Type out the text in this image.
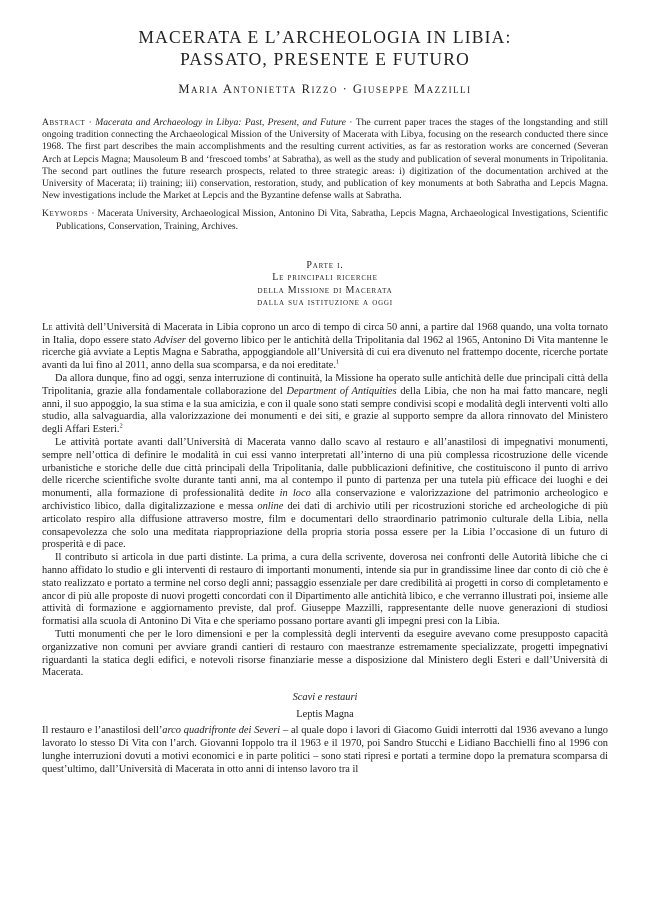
MACERATA E L’ARCHEOLOGIA IN LIBIA:
PASSATO, PRESENTE E FUTURO
Maria Antonietta Rizzo · Giuseppe Mazzilli

Abstract · Macerata and Archaeology in Libya: Past, Present, and Future · The current paper traces the stages of the longstanding and still ongoing tradition connecting the Archaeological Mission of the University of Macerata with Libya, focusing on the research conducted there since 1968. The first part describes the main accomplishments and the resulting current activities, as far as restoration works are concerned (Severan Arch at Lepcis Magna; Mausoleum B and ‘frescoed tombs’ at Sabratha), as well as the study and publication of several monuments in Tripolitania. The second part outlines the future research prospects, related to three strategic areas: i) digitization of the documentation archived at the University of Macerata; ii) training; iii) conservation, restoration, study, and publication of key monuments at both Sabratha and Lepcis Magna. New investigations include the Market at Lepcis and the Byzantine defense walls at Sabratha.

Keywords · Macerata University, Archaeological Mission, Antonino Di Vita, Sabratha, Lepcis Magna, Archaeological Investigations, Scientific Publications, Conservation, Training, Archives.

Parte i.
Le principali ricerche
della Missione di Macerata
dalla sua istituzione a oggi

Le attività dell’Università di Macerata in Libia coprono un arco di tempo di circa 50 anni, a partire dal 1968 quando, una volta tornato in Italia, dopo essere stato Adviser del governo libico per le antichità della Tripolitania dal 1962 al 1965, Antonino Di Vita mantenne le ricerche già avviate a Leptis Magna e Sabratha, appoggiandole all’Università di cui era divenuto nel frattempo docente, ricerche portate avanti da lui fino al 2011, anno della sua scomparsa, e da noi ereditate.$^1$

Da allora dunque, fino ad oggi, senza interruzione di continuità, la Missione ha operato sulle antichità delle due principali città della Tripolitania, grazie alla fondamentale collaborazione del Department of Antiquities della Libia, che non ha mai fatto mancare, negli anni, il suo appoggio, la sua stima e la sua amicizia, e con il quale sono stati sempre condivisi scopi e modalità degli interventi volti allo studio, alla salvaguardia, alla valorizzazione dei monumenti e dei siti, e grazie al supporto sempre da allora rinnovato del Ministero degli Affari Esteri.$^2$

Le attività portate avanti dall’Università di Macerata vanno dallo scavo al restauro e all’anastilosi di impegnativi monumenti, sempre nell’ottica di definire le modalità in cui essi vanno interpretati all’interno di una più complessa ricostruzione delle vicende urbanistiche e storiche delle due città principali della Tripolitania, dalle pubblicazioni definitive, che costituiscono il punto di arrivo delle ricerche scientifiche svolte durante tanti anni, ma al contempo il punto di partenza per una tutela più efficace dei luoghi e dei monumenti, alla formazione di professionalità dedite in loco alla conservazione e valorizzazione del patrimonio archeologico e archivistico libico, dalla digitalizzazione e messa online dei dati di archivio utili per ricostruzioni storiche ed archeologiche di più articolato respiro alla diffusione attraverso mostre, film e documentari dello straordinario patrimonio culturale della Libia, nella consapevolezza che solo una meditata riappropriazione della propria storia possa essere per la Libia l’occasione di un futuro di prosperità e di pace.

Il contributo si articola in due parti distinte. La prima, a cura della scrivente, doverosa nei confronti delle Autorità libiche che ci hanno affidato lo studio e gli interventi di restauro di importanti monumenti, intende sia pur in grandissime linee dar conto di ciò che è stato realizzato e portato a termine nel corso degli anni; passaggio essenziale per dare credibilità ai progetti in corso di completamento e ancor di più alle proposte di nuovi progetti concordati con il Dipartimento alle antichità libico, e che verranno illustrati poi, insieme alle attività di formazione e aggiornamento previste, dal prof. Giuseppe Mazzilli, rappresentante delle nuove generazioni di studiosi formatisi alla scuola di Antonino Di Vita e che speriamo possano portare avanti gli impegni presi con la Libia.

Tutti monumenti che per le loro dimensioni e per la complessità degli interventi da eseguire avevano come presupposto capacità organizzative non comuni per avviare grandi cantieri di restauro con maestranze estremamente specializzate, progetti impegnativi riguardanti la statica degli edifici, e notevoli risorse finanziarie messe a disposizione dal Ministero degli Esteri e dall’Università di Macerata.

Scavi e restauri
Leptis Magna

Il restauro e l’anastilosi dell’arco quadrifronte dei Severi – al quale dopo i lavori di Giacomo Guidi interrotti dal 1936 avevano a lungo lavorato lo stesso Di Vita con l’arch. Giovanni Ioppolo tra il 1963 e il 1970, poi Sandro Stucchi e Lidiano Bacchielli fino al 1996 con lunghe interruzioni dovuti a motivi economici e in parte politici – sono stati ripresi e portati a termine dopo la prematura scomparsa di quest’ultimo, dall’Università di Macerata in otto anni di intenso lavoro tra il
